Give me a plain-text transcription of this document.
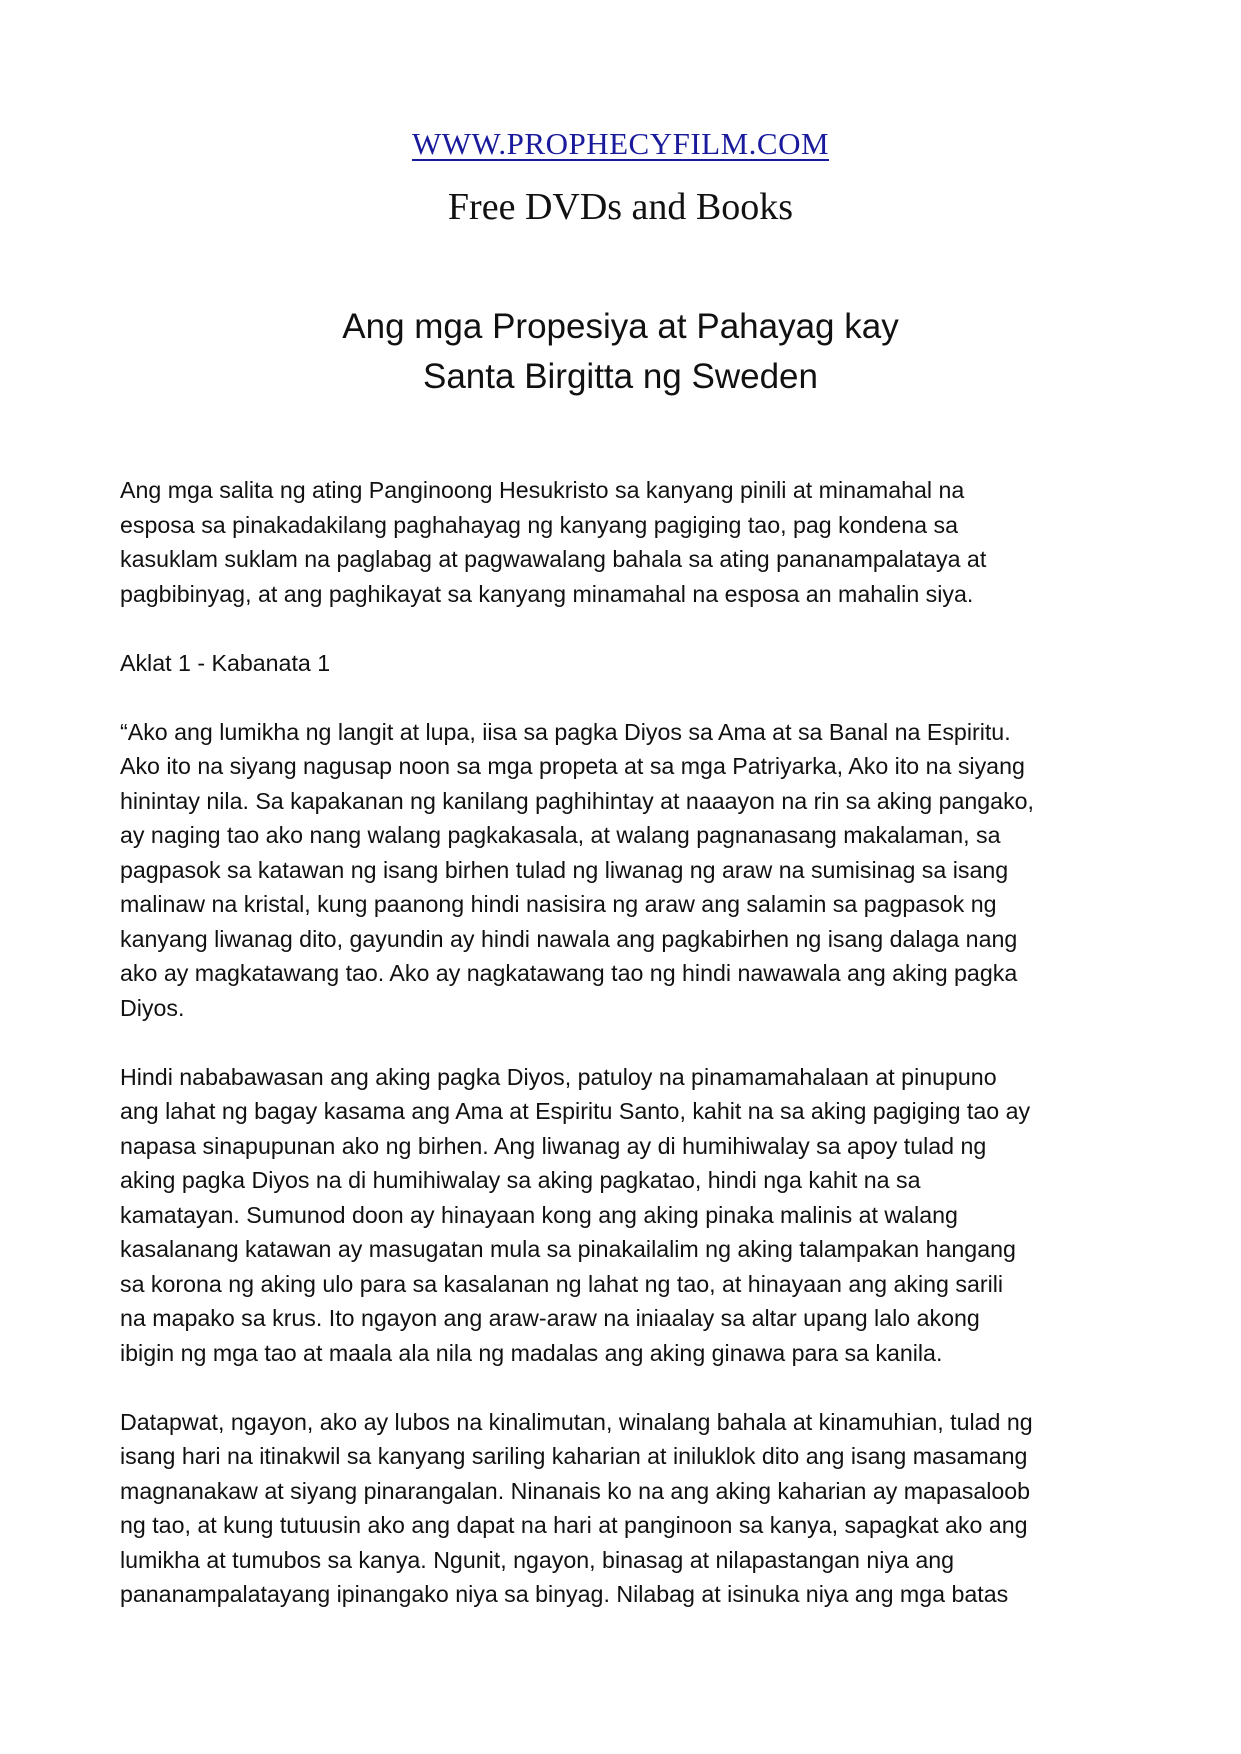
WWW.PROPHECYFILM.COM
Free DVDs and Books
Ang mga Propesiya at Pahayag kay
Santa Birgitta ng Sweden

Ang mga salita ng ating Panginoong Hesukristo sa kanyang pinili at minamahal na
esposa sa pinakadakilang paghahayag ng kanyang pagiging tao, pag kondena sa
kasuklam suklam na paglabag at pagwawalang bahala sa ating pananampalataya at
pagbibinyag, at ang paghikayat sa kanyang minamahal na esposa an mahalin siya.

Aklat 1 - Kabanata 1

“Ako ang lumikha ng langit at lupa, iisa sa pagka Diyos sa Ama at sa Banal na Espiritu.
Ako ito na siyang nagusap noon sa mga propeta at sa mga Patriyarka, Ako ito na siyang
hinintay nila. Sa kapakanan ng kanilang paghihintay at naaayon na rin sa aking pangako,
ay naging tao ako nang walang pagkakasala, at walang pagnanasang makalaman, sa
pagpasok sa katawan ng isang birhen tulad ng liwanag ng araw na sumisinag sa isang
malinaw na kristal, kung paanong hindi nasisira ng araw ang salamin sa pagpasok ng
kanyang liwanag dito, gayundin ay hindi nawala ang pagkabirhen ng isang dalaga nang
ako ay magkatawang tao. Ako ay nagkatawang tao ng hindi nawawala ang aking pagka
Diyos.

Hindi nababawasan ang aking pagka Diyos, patuloy na pinamamahalaan at pinupuno
ang lahat ng bagay kasama ang Ama at Espiritu Santo, kahit na sa aking pagiging tao ay
napasa sinapupunan ako ng birhen. Ang liwanag ay di humihiwalay sa apoy tulad ng
aking pagka Diyos na di humihiwalay sa aking pagkatao, hindi nga kahit na sa
kamatayan. Sumunod doon ay hinayaan kong ang aking pinaka malinis at walang
kasalanang katawan ay masugatan mula sa pinakailalim ng aking talampakan hangang
sa korona ng aking ulo para sa kasalanan ng lahat ng tao, at hinayaan ang aking sarili
na mapako sa krus. Ito ngayon ang araw-araw na iniaalay sa altar upang lalo akong
ibigin ng mga tao at maala ala nila ng madalas ang aking ginawa para sa kanila.

Datapwat, ngayon, ako ay lubos na kinalimutan, winalang bahala at kinamuhian, tulad ng
isang hari na itinakwil sa kanyang sariling kaharian at iniluklok dito ang isang masamang
magnanakaw at siyang pinarangalan. Ninanais ko na ang aking kaharian ay mapasaloob
ng tao, at kung tutuusin ako ang dapat na hari at panginoon sa kanya, sapagkat ako ang
lumikha at tumubos sa kanya. Ngunit, ngayon, binasag at nilapastangan niya ang
pananampalatayang ipinangako niya sa binyag. Nilabag at isinuka niya ang mga batas
